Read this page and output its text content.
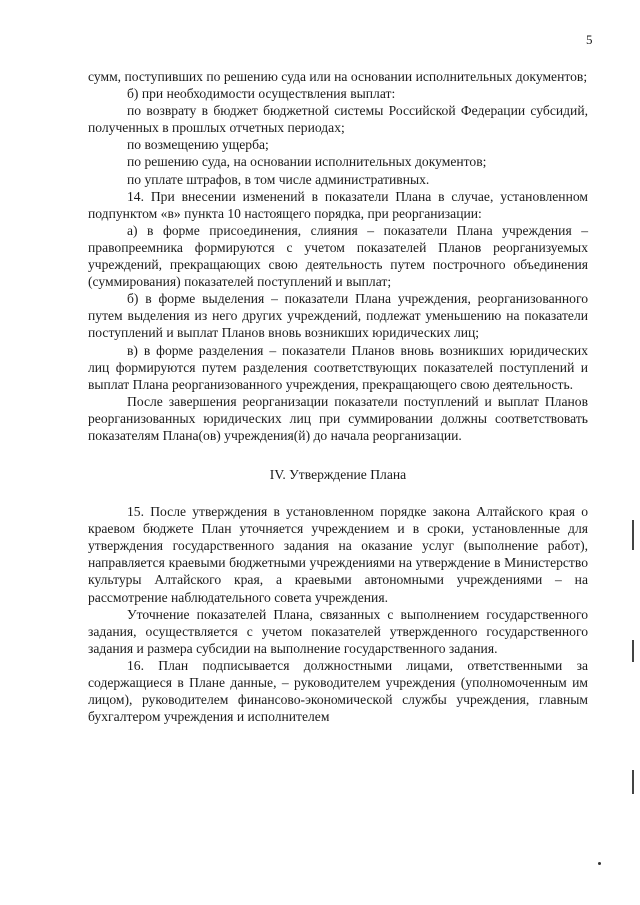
5

сумм, поступивших по решению суда или на основании исполнительных документов;

б) при необходимости осуществления выплат:

по возврату в бюджет бюджетной системы Российской Федерации субсидий, полученных в прошлых отчетных периодах;

по возмещению ущерба;

по решению суда, на основании исполнительных документов;

по уплате штрафов, в том числе административных.

14. При внесении изменений в показатели Плана в случае, установленном подпунктом «в» пункта 10 настоящего порядка, при реорганизации:

а) в форме присоединения, слияния – показатели Плана учреждения – правопреемника формируются с учетом показателей Планов реорганизуемых учреждений, прекращающих свою деятельность путем построчного объединения (суммирования) показателей поступлений и выплат;

б) в форме выделения – показатели Плана учреждения, реорганизованного путем выделения из него других учреждений, подлежат уменьшению на показатели поступлений и выплат Планов вновь возникших юридических лиц;

в) в форме разделения – показатели Планов вновь возникших юридических лиц формируются путем разделения соответствующих показателей поступлений и выплат Плана реорганизованного учреждения, прекращающего свою деятельность.

После завершения реорганизации показатели поступлений и выплат Планов реорганизованных юридических лиц при суммировании должны соответствовать показателям Плана(ов) учреждения(й) до начала реорганизации.

IV. Утверждение Плана

15. После утверждения в установленном порядке закона Алтайского края о краевом бюджете План уточняется учреждением и в сроки, установленные для утверждения государственного задания на оказание услуг (выполнение работ), направляется краевыми бюджетными учреждениями на утверждение в Министерство культуры Алтайского края, а краевыми автономными учреждениями – на рассмотрение наблюдательного совета учреждения.

Уточнение показателей Плана, связанных с выполнением государственного задания, осуществляется с учетом показателей утвержденного государственного задания и размера субсидии на выполнение государственного задания.

16. План подписывается должностными лицами, ответственными за содержащиеся в Плане данные, – руководителем учреждения (уполномоченным им лицом), руководителем финансово-экономической службы учреждения, главным бухгалтером учреждения и исполнителем
